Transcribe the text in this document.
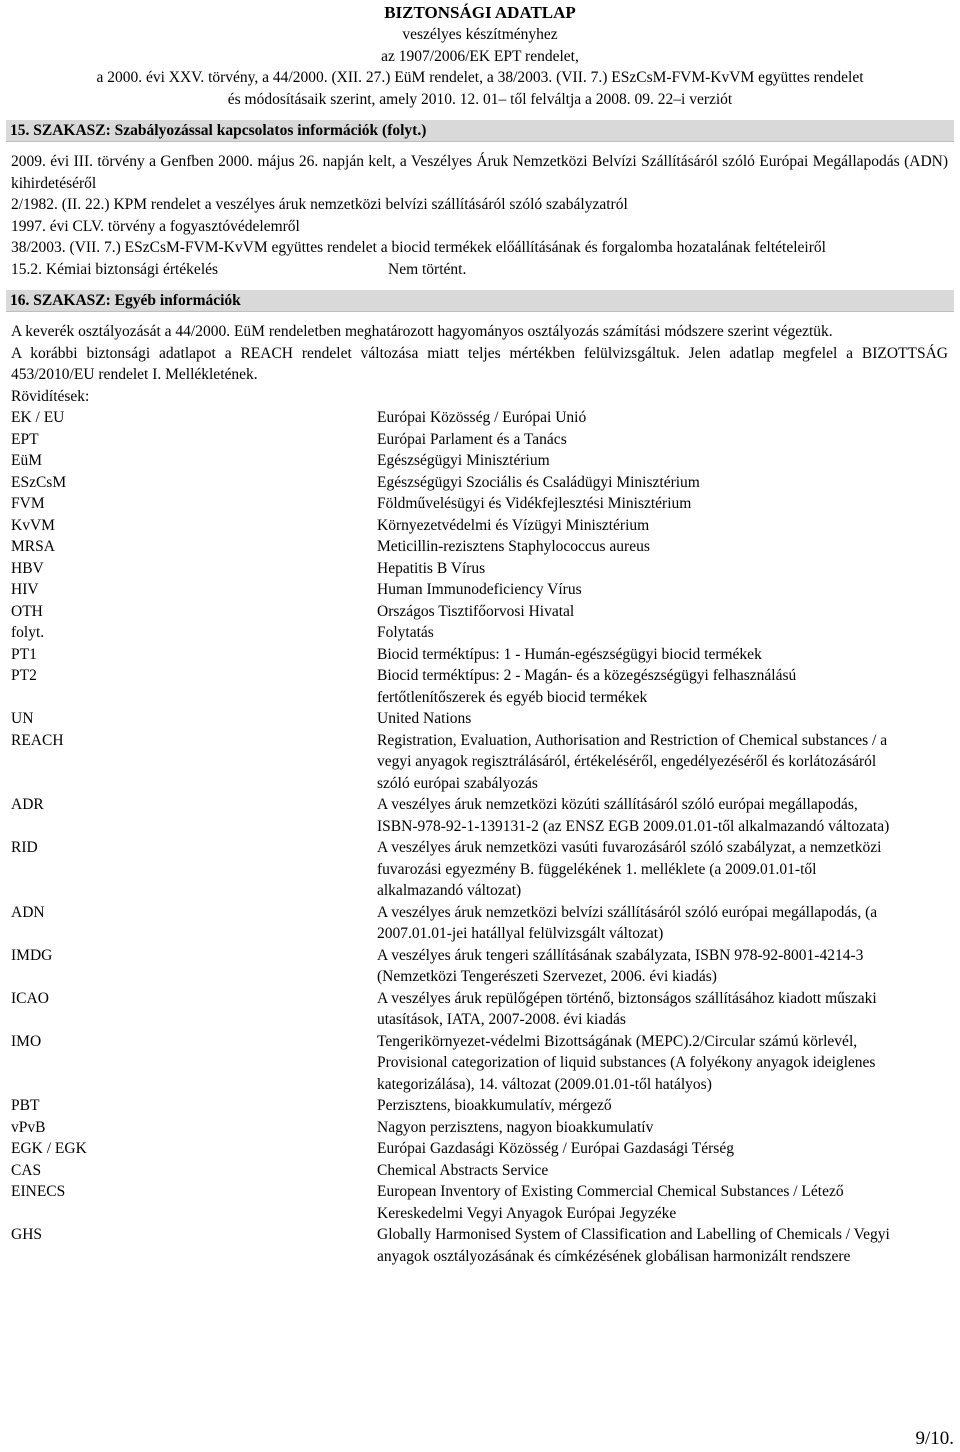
BIZTONSÁGI ADATLAP
veszélyes készítményhez
az 1907/2006/EK EPT rendelet,
a 2000. évi XXV. törvény, a 44/2000. (XII. 27.) EüM rendelet, a 38/2003. (VII. 7.) ESzCsM-FVM-KvVM együttes rendelet
és módosításaik szerint, amely 2010. 12. 01– től felváltja a 2008. 09. 22–i verziót
15. SZAKASZ: Szabályozással kapcsolatos információk (folyt.)
2009. évi III. törvény a Genfben 2000. május 26. napján kelt, a Veszélyes Áruk Nemzetközi Belvízi Szállításáról szóló Európai Megállapodás (ADN) kihirdetéséről
2/1982. (II. 22.) KPM rendelet a veszélyes áruk nemzetközi belvízi szállításáról szóló szabályzatról
1997. évi CLV. törvény a fogyasztóvédelemről
38/2003. (VII. 7.) ESzCsM-FVM-KvVM együttes rendelet a biocid termékek előállításának és forgalomba hozatalának feltételeiről
15.2. Kémiai biztonsági értékelés	Nem történt.
16. SZAKASZ: Egyéb információk
A keverék osztályozását a 44/2000. EüM rendeletben meghatározott hagyományos osztályozás számítási módszere szerint végeztük.
A korábbi biztonsági adatlapot a REACH rendelet változása miatt teljes mértékben felülvizsgáltuk. Jelen adatlap megfelel a BIZOTTSÁG 453/2010/EU rendelet I. Mellékletének.
Rövidítések:
EK / EU	Európai Közösség / Európai Unió
EPT	Európai Parlament és a Tanács
EüM	Egészségügyi Minisztérium
ESzCsM	Egészségügyi Szociális és Családügyi Minisztérium
FVM	Földművelésügyi és Vidékfejlesztési Minisztérium
KvVM	Környezetvédelmi és Vízügyi Minisztérium
MRSA	Meticillin-rezisztens Staphylococcus aureus
HBV	Hepatitis B Vírus
HIV	Human Immunodeficiency Vírus
OTH	Országos Tisztifőorvosi Hivatal
folyt.	Folytatás
PT1	Biocid terméktípus: 1 - Humán-egészségügyi biocid termékek
PT2	Biocid terméktípus: 2 - Magán- és a közegészségügyi felhasználású fertőtlenítőszerek és egyéb biocid termékek
UN	United Nations
REACH	Registration, Evaluation, Authorisation and Restriction of Chemical substances / a vegyi anyagok regisztrálásáról, értékeléséről, engedélyezéséről és korlátozásáról szóló európai szabályozás
ADR	A veszélyes áruk nemzetközi közúti szállításáról szóló európai megállapodás, ISBN-978-92-1-139131-2 (az ENSZ EGB 2009.01.01-től alkalmazandó változata)
RID	A veszélyes áruk nemzetközi vasúti fuvarozásáról szóló szabályzat, a nemzetközi fuvarozási egyezmény B. függelékének 1. melléklete (a 2009.01.01-től alkalmazandó változat)
ADN	A veszélyes áruk nemzetközi belvízi szállításáról szóló európai megállapodás, (a 2007.01.01-jei hatállyal felülvizsgált változat)
IMDG	A veszélyes áruk tengeri szállításának szabályzata, ISBN 978-92-8001-4214-3 (Nemzetközi Tengerészeti Szervezet, 2006. évi kiadás)
ICAO	A veszélyes áruk repülőgépen történő, biztonságos szállításához kiadott műszaki utasítások, IATA, 2007-2008. évi kiadás
IMO	Tengerikörnyezet-védelmi Bizottságának (MEPC).2/Circular számú körlevél, Provisional categorization of liquid substances (A folyékony anyagok ideiglenes kategorizálása), 14. változat (2009.01.01-től hatályos)
PBT	Perzisztens, bioakkumulatív, mérgező
vPvB	Nagyon perzisztens, nagyon bioakkumulatív
EGK / EGK	Európai Gazdasági Közösség / Európai Gazdasági Térség
CAS	Chemical Abstracts Service
EINECS	European Inventory of Existing Commercial Chemical Substances / Létező Kereskedelmi Vegyi Anyagok Európai Jegyzéke
GHS	Globally Harmonised System of Classification and Labelling of Chemicals / Vegyi anyagok osztályozásának és címkézésének globálisan harmonizált rendszere
9/10.
